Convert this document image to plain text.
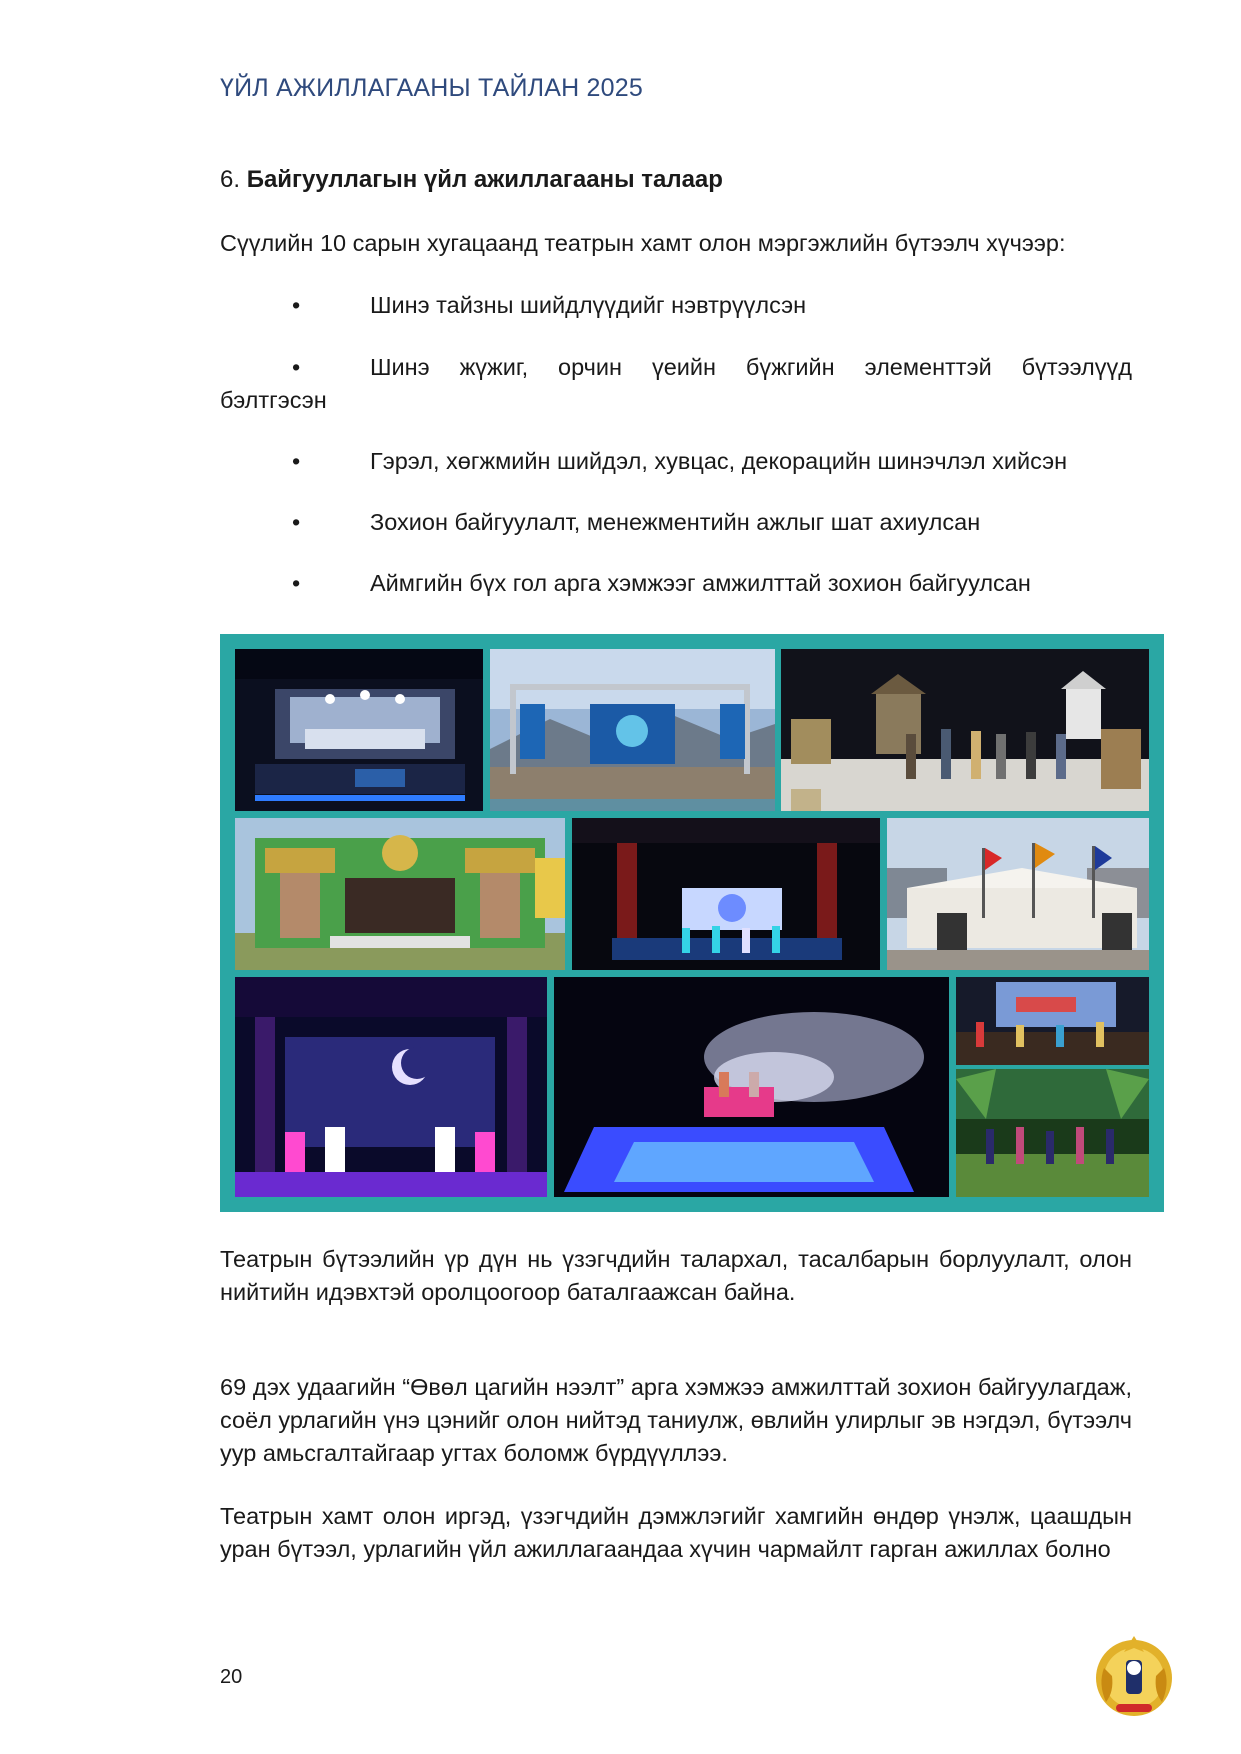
ҮЙЛ АЖИЛЛАГААНЫ ТАЙЛАН 2025
6. Байгууллагын үйл ажиллагааны талаар

Сүүлийн 10 сарын хугацаанд театрын хамт олон мэргэжлийн бүтээлч хүчээр:

•	Шинэ тайзны шийдлүүдийг нэвтрүүлсэн
•	Шинэ жүжиг, орчин үеийн бүжгийн элементтэй бүтээлүүд
бэлтгэсэн
•	Гэрэл, хөгжмийн шийдэл, хувцас, декорацийн шинэчлэл хийсэн
•	Зохион байгуулалт, менежментийн ажлыг шат ахиулсан
•	Аймгийн бүх гол арга хэмжээг амжилттай зохион байгуулсан

Театрын бүтээлийн үр дүн нь үзэгчдийн талархал, тасалбарын борлуулалт, олон нийтийн идэвхтэй оролцоогоор баталгаажсан байна.

69 дэх удаагийн “Өвөл цагийн нээлт” арга хэмжээ амжилттай зохион байгуулагдаж, соёл урлагийн үнэ цэнийг олон нийтэд таниулж, өвлийн улирлыг эв нэгдэл, бүтээлч уур амьсгалтайгаар угтах боломж бүрдүүллээ.

Театрын хамт олон иргэд, үзэгчдийн дэмжлэгийг хамгийн өндөр үнэлж, цаашдын уран бүтээл, урлагийн үйл ажиллагаандаа хүчин чармайлт гарган ажиллах болно

20
